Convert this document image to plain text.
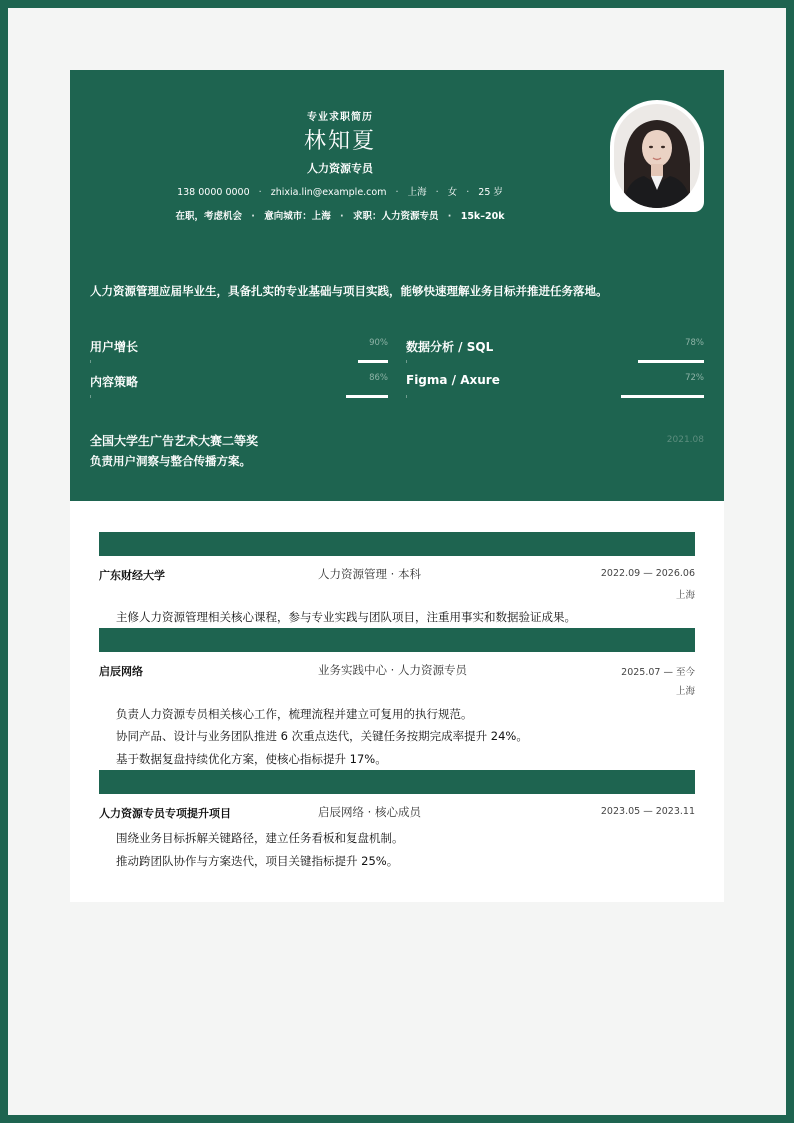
专业求职简历
林知夏
人力资源专员
138 0000 0000 · zhixia.lin@example.com · 上海 · 女 · 25 岁
在职，考虑机会 · 意向城市：上海 · 求职：人力资源专员 · 15k–20k
人力资源管理应届毕业生，具备扎实的专业基础与项目实践，能够快速理解业务目标并推进任务落地。
用户增长	90% 数据分析 / SQL	78%
内容策略	86% Figma / Axure	72%
全国大学生广告艺术大赛二等奖	2021.08
负责用户洞察与整合传播方案。
广东财经大学	人力资源管理 · 本科	2022.09 — 2026.06
上海
主修人力资源管理相关核心课程，参与专业实践与团队项目，注重用事实和数据验证成果。
启辰网络	业务实践中心 · 人力资源专员	2025.07 — 至今
上海
负责人力资源专员相关核心工作，梳理流程并建立可复用的执行规范。
协同产品、设计与业务团队推进 6 次重点迭代，关键任务按期完成率提升 24%。
基于数据复盘持续优化方案，使核心指标提升 17%。
人力资源专员专项提升项目	启辰网络 · 核心成员	2023.05 — 2023.11
围绕业务目标拆解关键路径，建立任务看板和复盘机制。
推动跨团队协作与方案迭代，项目关键指标提升 25%。
